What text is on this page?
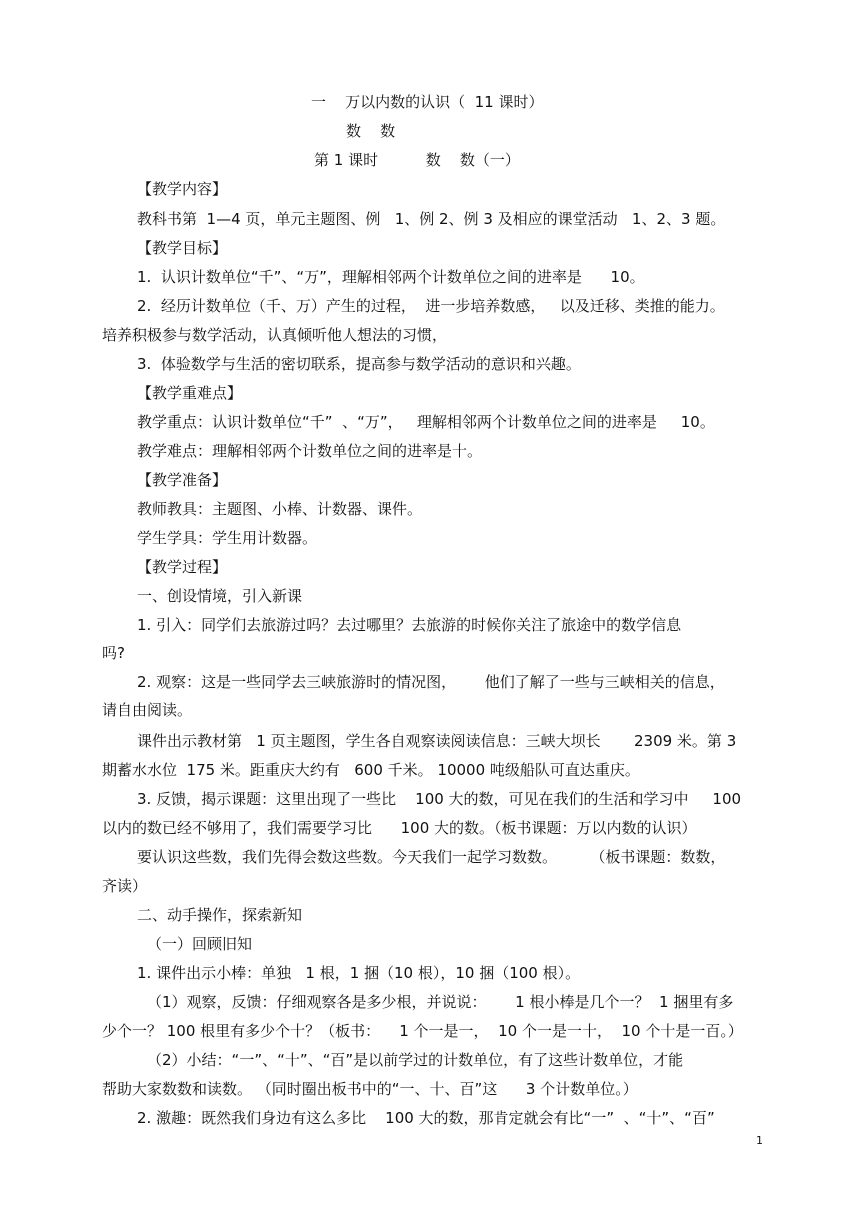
一    万以内数的认识（  11 课时）
数    数
第 1 课时          数    数（一）
【教学内容】
教科书第  1—4 页，单元主题图、例   1、例 2、例 3 及相应的课堂活动   1、2、3 题。
【教学目标】
1.  认识计数单位“千”、“万”，理解相邻两个计数单位之间的进率是      10。
2.  经历计数单位（千、万）产生的过程，  进一步培养数感，   以及迁移、类推的能力。
培养积极参与数学活动，认真倾听他人想法的习惯，
3.  体验数学与生活的密切联系，提高参与数学活动的意识和兴趣。
【教学重难点】
教学重点：认识计数单位“千”  、“万”，   理解相邻两个计数单位之间的进率是     10。
教学难点：理解相邻两个计数单位之间的进率是十。
【教学准备】
教师教具：主题图、小棒、计数器、课件。
学生学具：学生用计数器。
【教学过程】
一、创设情境，引入新课
1. 引入：同学们去旅游过吗？去过哪里？去旅游的时候你关注了旅途中的数学信息
吗?
2. 观察：这是一些同学去三峡旅游时的情况图，      他们了解了一些与三峡相关的信息，
请自由阅读。
课件出示教材第   1 页主题图，学生各自观察读阅读信息：三峡大坝长       2309 米。第 3
期蓄水水位  175 米。距重庆大约有   600 千米。 10000 吨级船队可直达重庆。
3. 反馈，揭示课题：这里出现了一些比    100 大的数，可见在我们的生活和学习中     100
以内的数已经不够用了，我们需要学习比      100 大的数。（板书课题：万以内数的认识）
要认识这些数，我们先得会数这些数。今天我们一起学习数数。       （板书课题：数数，
齐读）
二、动手操作，探索新知
（一）回顾旧知
1. 课件出示小棒：单独   1 根，1 捆（10 根），10 捆（100 根）。
（1）观察，反馈：仔细观察各是多少根，并说说：      1 根小棒是几个一？  1 捆里有多
少个一？ 100 根里有多少个十？（板书：    1 个一是一，  10 个一是一十，  10 个十是一百。）
（2）小结：“一”、“十”、“百”是以前学过的计数单位，有了这些计数单位，才能
帮助大家数数和读数。 （同时圈出板书中的“一、十、百”这      3 个计数单位。）
2. 激趣：既然我们身边有这么多比    100 大的数，那肯定就会有比“一”  、“十”、“百”
1
